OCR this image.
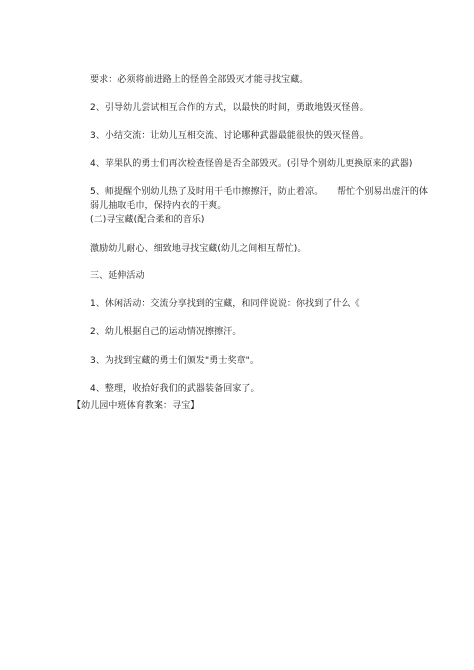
要求：必须将前进路上的怪兽全部毁灭才能寻找宝藏。
2、引导幼儿尝试相互合作的方式，以最快的时间，勇敢地毁灭怪兽。
3、小结交流：让幼儿互相交流、讨论哪种武器最能很快的毁灭怪兽。
4、苹果队的勇士们再次检查怪兽是否全部毁灭。(引导个别幼儿更换原来的武器)
5、师提醒个别幼儿热了及时用干毛巾擦擦汗，防止着凉。　　帮忙个别易出虚汗的体
弱儿抽取毛巾，保持内衣的干爽。
(二)寻宝藏(配合柔和的音乐)
激励幼儿耐心、细致地寻找宝藏(幼儿之间相互帮忙)。
三、延伸活动
1、休闲活动：交流分享找到的宝藏，和同伴说说：你找到了什么《
2、幼儿根据自己的运动情况擦擦汗。
3、为找到宝藏的勇士们颁发"勇士奖章"。
4、整理，收拾好我们的武器装备回家了。
【幼儿园中班体育教案：寻宝】
